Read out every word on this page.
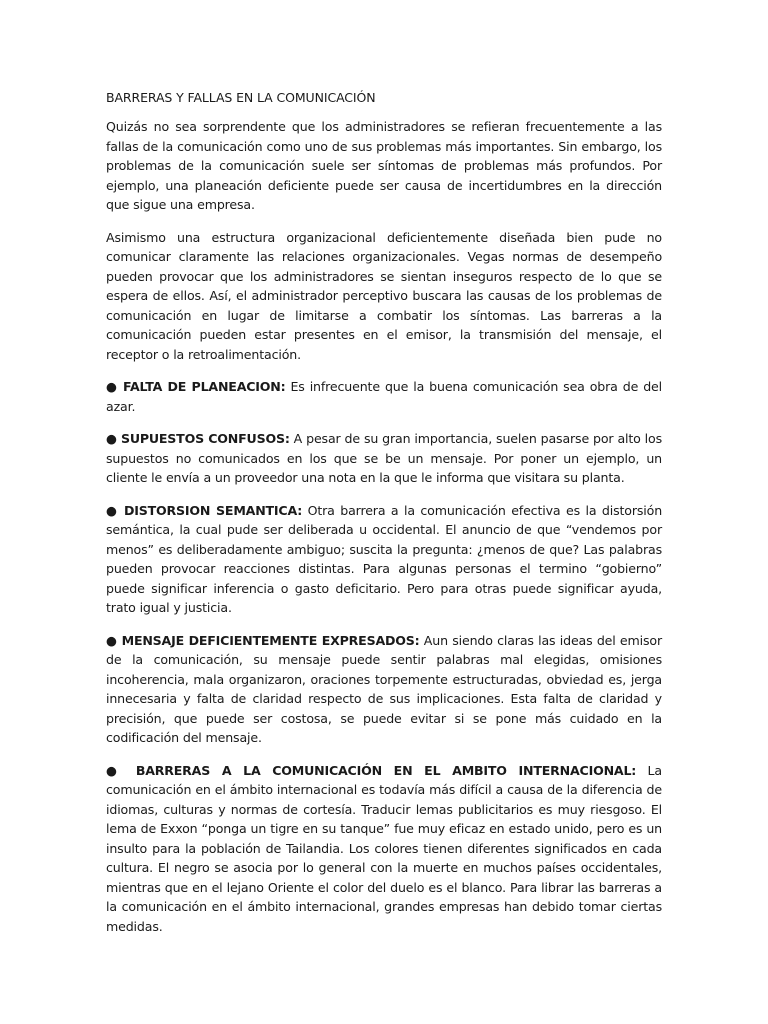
BARRERAS Y FALLAS EN LA COMUNICACIÓN

Quizás no sea sorprendente que los administradores se refieran frecuentemente a las fallas de la comunicación como uno de sus problemas más importantes. Sin embargo, los problemas de la comunicación suele ser síntomas de problemas más profundos. Por ejemplo, una planeación deficiente puede ser causa de incertidumbres en la dirección que sigue una empresa.

Asimismo una estructura organizacional deficientemente diseñada bien pude no comunicar claramente las relaciones organizacionales. Vegas normas de desempeño pueden provocar que los administradores se sientan inseguros respecto de lo que se espera de ellos. Así, el administrador perceptivo buscara las causas de los problemas de comunicación en lugar de limitarse a combatir los síntomas. Las barreras a la comunicación pueden estar presentes en el emisor, la transmisión del mensaje, el receptor o la retroalimentación.

● FALTA DE PLANEACION: Es infrecuente que la buena comunicación sea obra de del azar.

● SUPUESTOS CONFUSOS: A pesar de su gran importancia, suelen pasarse por alto los supuestos no comunicados en los que se be un mensaje. Por poner un ejemplo, un cliente le envía a un proveedor una nota en la que le informa que visitara su planta.

● DISTORSION SEMANTICA: Otra barrera a la comunicación efectiva es la distorsión semántica, la cual pude ser deliberada u occidental. El anuncio de que “vendemos por menos” es deliberadamente ambiguo; suscita la pregunta: ¿menos de que? Las palabras pueden provocar reacciones distintas. Para algunas personas el termino “gobierno” puede significar inferencia o gasto deficitario. Pero para otras puede significar ayuda, trato igual y justicia.

● MENSAJE DEFICIENTEMENTE EXPRESADOS: Aun siendo claras las ideas del emisor de la comunicación, su mensaje puede sentir palabras mal elegidas, omisiones incoherencia, mala organizaron, oraciones torpemente estructuradas, obviedad es, jerga innecesaria y falta de claridad respecto de sus implicaciones. Esta falta de claridad y precisión, que puede ser costosa, se puede evitar si se pone más cuidado en la codificación del mensaje.

● BARRERAS A LA COMUNICACIÓN EN EL AMBITO INTERNACIONAL: La comunicación en el ámbito internacional es todavía más difícil a causa de la diferencia de idiomas, culturas y normas de cortesía. Traducir lemas publicitarios es muy riesgoso. El lema de Exxon “ponga un tigre en su tanque” fue muy eficaz en estado unido, pero es un insulto para la población de Tailandia. Los colores tienen diferentes significados en cada cultura. El negro se asocia por lo general con la muerte en muchos países occidentales, mientras que en el lejano Oriente el color del duelo es el blanco. Para librar las barreras a la comunicación en el ámbito internacional, grandes empresas han debido tomar ciertas medidas.
